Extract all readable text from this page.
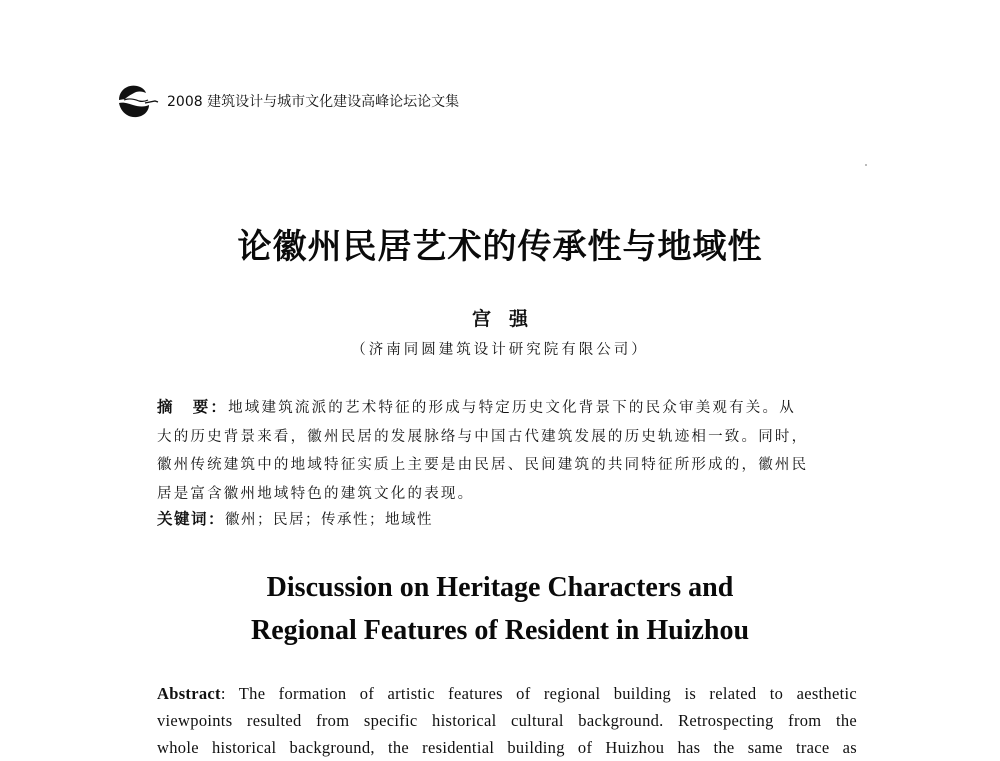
2008 建筑设计与城市文化建设高峰论坛论文集
论徽州民居艺术的传承性与地域性
宫强
（济南同圆建筑设计研究院有限公司）

摘 要：地域建筑流派的艺术特征的形成与特定历史文化背景下的民众审美观有关。从

大的历史背景来看，徽州民居的发展脉络与中国古代建筑发展的历史轨迹相一致。同时，

徽州传统建筑中的地域特征实质上主要是由民居、民间建筑的共同特征所形成的，徽州民

居是富含徽州地域特色的建筑文化的表现。

关键词：徽州；民居；传承性；地域性
Discussion on Heritage Characters and
Regional Features of Resident in Huizhou
Abstract: The formation of artistic features of regional building is related to aesthetic
viewpoints resulted from specific historical cultural background. Retrospecting from the
whole historical background, the residential building of Huizhou has the same trace as
